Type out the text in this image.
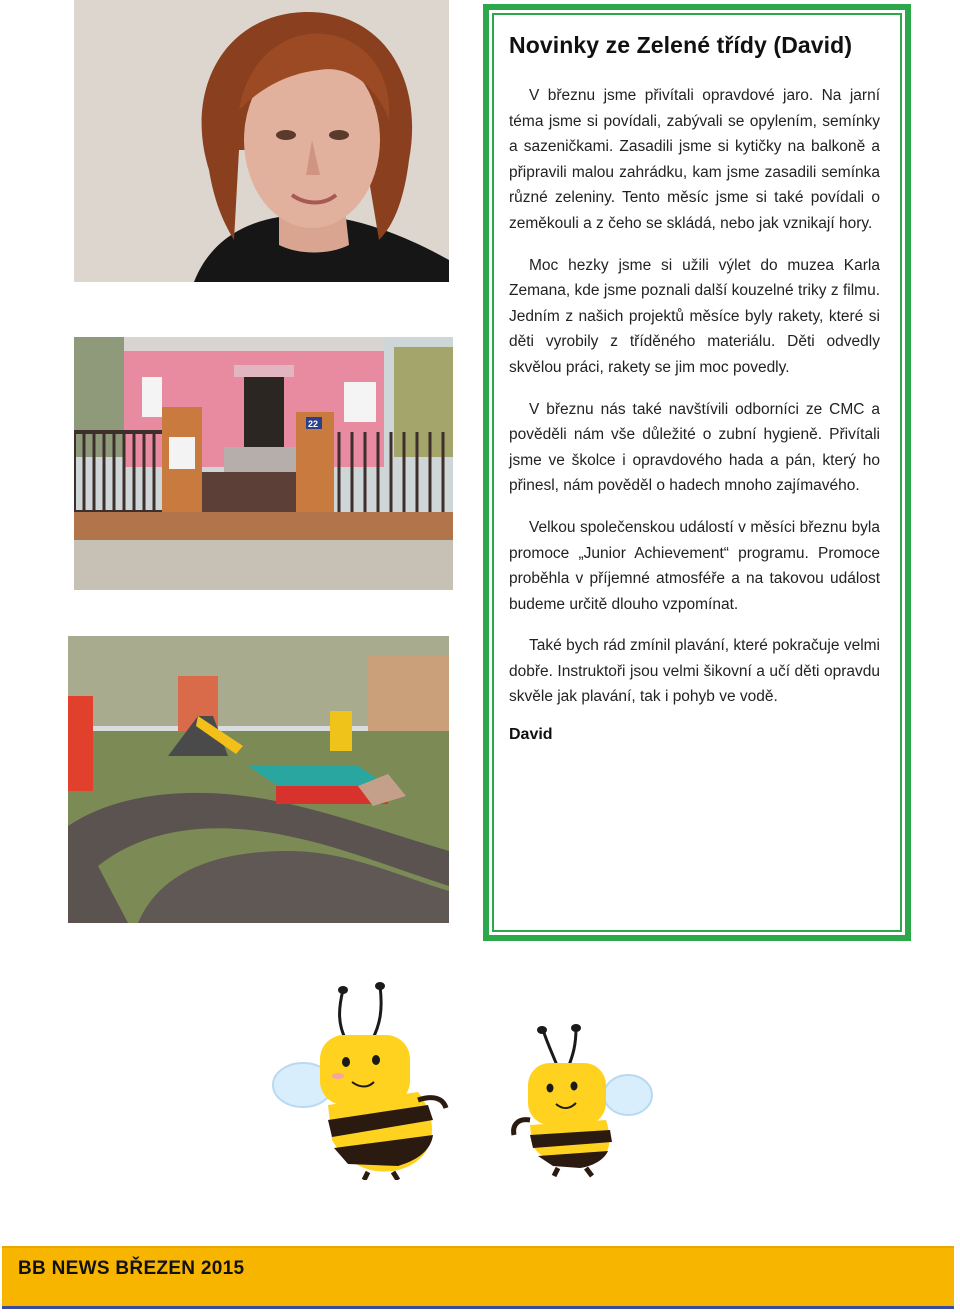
22
Novinky ze Zelené třídy (David)

V březnu jsme přivítali opravdové jaro. Na jarní téma jsme si povídali, zabývali se opylením, semínky a sazeničkami. Zasadili jsme si kytičky na balkoně a připravili malou zahrádku, kam jsme zasadili semínka různé zeleniny. Tento měsíc jsme si také povídali o zeměkouli a z čeho se skládá, nebo jak vznikají hory.

Moc hezky jsme si užili výlet do muzea Karla Zemana, kde jsme poznali další kouzelné triky z filmu. Jedním z našich projektů měsíce byly rakety, které si děti vyrobily z tříděného materiálu. Děti odvedly skvělou práci, rakety se jim moc povedly.

V březnu nás také navštívili odborníci ze CMC a pověděli nám vše důležité o zubní hygieně. Přivítali jsme ve školce i opravdového hada a pán, který ho přinesl, nám pověděl o hadech mnoho zajímavého.

Velkou společenskou událostí v měsíci březnu byla promoce „Junior Achievement“ programu. Promoce proběhla v příjemné atmosféře a na takovou událost budeme určitě dlouho vzpomínat.

Také bych rád zmínil plavání, které pokračuje velmi dobře. Instruktoři jsou velmi šikovní a učí děti opravdu skvěle jak plavání, tak i pohyb ve vodě.

David
BB NEWS BŘEZEN 2015
